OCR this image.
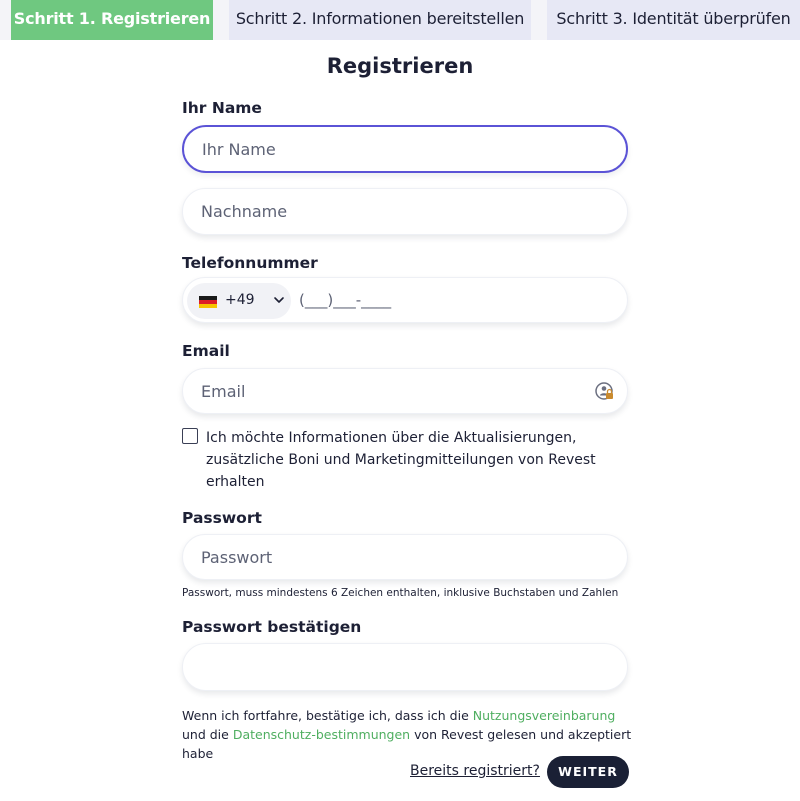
Schritt 1. Registrieren	Schritt 2. Informationen bereitstellen	Schritt 3. Identität überprüfen
Registrieren
Ihr Name
Ihr Name
Nachname
Telefonnummer
+49	(___)___-____
Email
Email
Ich möchte Informationen über die Aktualisierungen, zusätzliche Boni und Marketingmitteilungen von Revest erhalten
Passwort
Passwort, muss mindestens 6 Zeichen enthalten, inklusive Buchstaben und Zahlen
Passwort bestätigen
Wenn ich fortfahre, bestätige ich, dass ich die Nutzungsvereinbarung und die Datenschutz-bestimmungen von Revest gelesen und akzeptiert habe
Bereits registriert?	WEITER
